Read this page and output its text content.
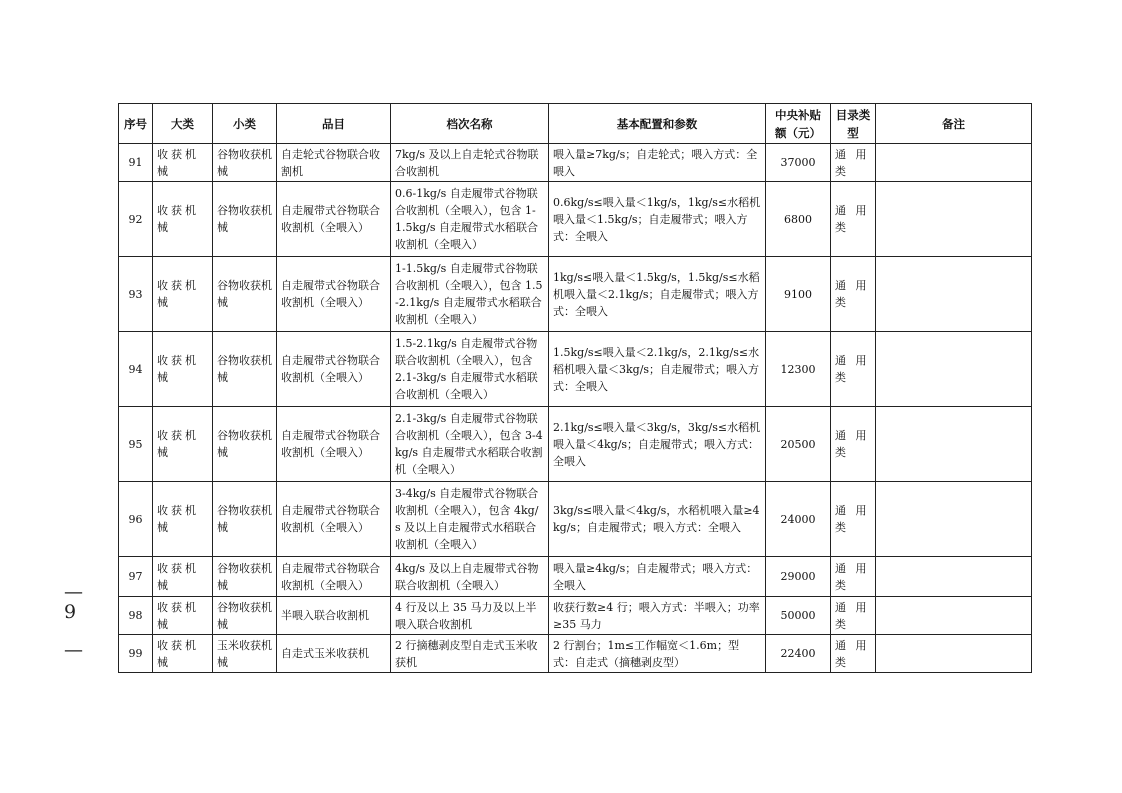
— 9
—
序号	大类	小类	品目	档次名称	基本配置和参数	中央补贴额（元）	目录类型	备注
91	收获机械	谷物收获机械	自走轮式谷物联合收割机	7kg/s 及以上自走轮式谷物联合收割机	喂入量≥7kg/s；自走轮式；喂入方式：全喂入	37000	通 用 类	
92	收获机械	谷物收获机械	自走履带式谷物联合收割机（全喂入）	0.6-1kg/s 自走履带式谷物联合收割机（全喂入），包含 1-1.5kg/s 自走履带式水稻联合收割机（全喂入）	0.6kg/s≤喂入量＜1kg/s，1kg/s≤水稻机喂入量＜1.5kg/s；自走履带式；喂入方式：全喂入	6800	通 用 类	
93	收获机械	谷物收获机械	自走履带式谷物联合收割机（全喂入）	1-1.5kg/s 自走履带式谷物联合收割机（全喂入），包含 1.5-2.1kg/s 自走履带式水稻联合收割机（全喂入）	1kg/s≤喂入量＜1.5kg/s，1.5kg/s≤水稻机喂入量＜2.1kg/s；自走履带式；喂入方式：全喂入	9100	通 用 类	
94	收获机械	谷物收获机械	自走履带式谷物联合收割机（全喂入）	1.5-2.1kg/s 自走履带式谷物联合收割机（全喂入），包含 2.1-3kg/s 自走履带式水稻联合收割机（全喂入）	1.5kg/s≤喂入量＜2.1kg/s，2.1kg/s≤水稻机喂入量＜3kg/s；自走履带式；喂入方式：全喂入	12300	通 用 类	
95	收获机械	谷物收获机械	自走履带式谷物联合收割机（全喂入）	2.1-3kg/s 自走履带式谷物联合收割机（全喂入），包含 3-4kg/s 自走履带式水稻联合收割机（全喂入）	2.1kg/s≤喂入量＜3kg/s，3kg/s≤水稻机喂入量＜4kg/s；自走履带式；喂入方式：全喂入	20500	通 用 类	
96	收获机械	谷物收获机械	自走履带式谷物联合收割机（全喂入）	3-4kg/s 自走履带式谷物联合收割机（全喂入），包含 4kg/s 及以上自走履带式水稻联合收割机（全喂入）	3kg/s≤喂入量＜4kg/s，水稻机喂入量≥4kg/s；自走履带式；喂入方式：全喂入	24000	通 用 类	
97	收获机械	谷物收获机械	自走履带式谷物联合收割机（全喂入）	4kg/s 及以上自走履带式谷物联合收割机（全喂入）	喂入量≥4kg/s；自走履带式；喂入方式：全喂入	29000	通 用 类	
98	收获机械	谷物收获机械	半喂入联合收割机	4 行及以上 35 马力及以上半喂入联合收割机	收获行数≥4 行；喂入方式：半喂入；功率≥35 马力	50000	通 用 类	
99	收获机械	玉米收获机械	自走式玉米收获机	2 行摘穗剥皮型自走式玉米收获机	2 行割台；1m≤工作幅宽＜1.6m；型式：自走式（摘穗剥皮型）	22400	通 用 类	
